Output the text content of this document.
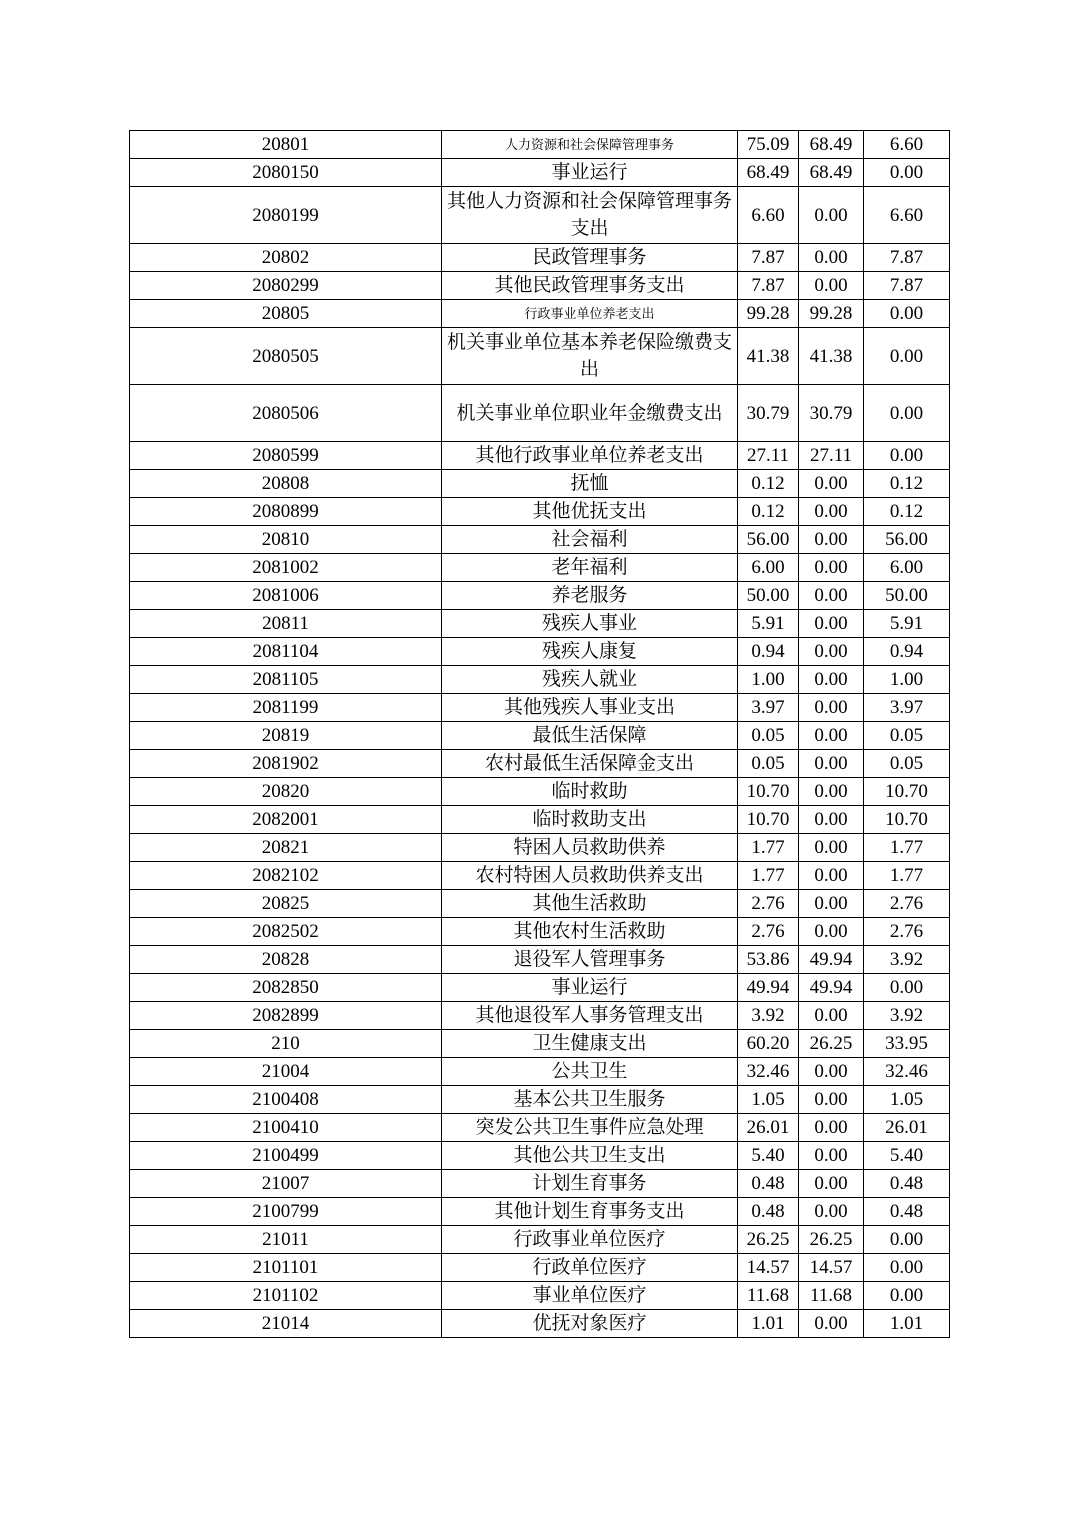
20801	人力资源和社会保障管理事务	75.09	68.49	6.60
2080150	事业运行	68.49	68.49	0.00
2080199	其他人力资源和社会保障管理事务支出	6.60	0.00	6.60
20802	民政管理事务	7.87	0.00	7.87
2080299	其他民政管理事务支出	7.87	0.00	7.87
20805	行政事业单位养老支出	99.28	99.28	0.00
2080505	机关事业单位基本养老保险缴费支出	41.38	41.38	0.00
2080506	机关事业单位职业年金缴费支出	30.79	30.79	0.00
2080599	其他行政事业单位养老支出	27.11	27.11	0.00
20808	抚恤	0.12	0.00	0.12
2080899	其他优抚支出	0.12	0.00	0.12
20810	社会福利	56.00	0.00	56.00
2081002	老年福利	6.00	0.00	6.00
2081006	养老服务	50.00	0.00	50.00
20811	残疾人事业	5.91	0.00	5.91
2081104	残疾人康复	0.94	0.00	0.94
2081105	残疾人就业	1.00	0.00	1.00
2081199	其他残疾人事业支出	3.97	0.00	3.97
20819	最低生活保障	0.05	0.00	0.05
2081902	农村最低生活保障金支出	0.05	0.00	0.05
20820	临时救助	10.70	0.00	10.70
2082001	临时救助支出	10.70	0.00	10.70
20821	特困人员救助供养	1.77	0.00	1.77
2082102	农村特困人员救助供养支出	1.77	0.00	1.77
20825	其他生活救助	2.76	0.00	2.76
2082502	其他农村生活救助	2.76	0.00	2.76
20828	退役军人管理事务	53.86	49.94	3.92
2082850	事业运行	49.94	49.94	0.00
2082899	其他退役军人事务管理支出	3.92	0.00	3.92
210	卫生健康支出	60.20	26.25	33.95
21004	公共卫生	32.46	0.00	32.46
2100408	基本公共卫生服务	1.05	0.00	1.05
2100410	突发公共卫生事件应急处理	26.01	0.00	26.01
2100499	其他公共卫生支出	5.40	0.00	5.40
21007	计划生育事务	0.48	0.00	0.48
2100799	其他计划生育事务支出	0.48	0.00	0.48
21011	行政事业单位医疗	26.25	26.25	0.00
2101101	行政单位医疗	14.57	14.57	0.00
2101102	事业单位医疗	11.68	11.68	0.00
21014	优抚对象医疗	1.01	0.00	1.01
